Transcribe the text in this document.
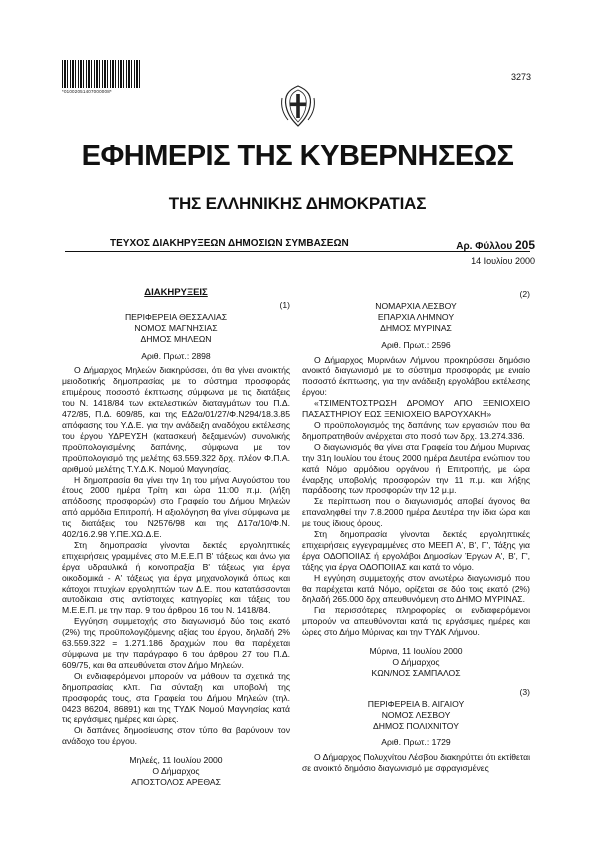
*01002051407000008*
3273
ΕΦΗΜΕΡΙΣ ΤΗΣ ΚΥΒΕΡΝΗΣΕΩΣ
ΤΗΣ ΕΛΛΗΝΙΚΗΣ ΔΗΜΟΚΡΑΤΙΑΣ
ΤΕΥΧΟΣ ΔΙΑΚΗΡΥΞΕΩΝ ΔΗΜΟΣΙΩΝ ΣΥΜΒΑΣΕΩΝ	Αρ. Φύλλου 205
14 Ιουλίου 2000
ΔΙΑΚΗΡΥΞΕΙΣ
(1)
ΠΕΡΙΦΕΡΕΙΑ ΘΕΣΣΑΛΙΑΣ
ΝΟΜΟΣ ΜΑΓΝΗΣΙΑΣ
ΔΗΜΟΣ ΜΗΛΕΩΝ
Αριθ. Πρωτ.: 2898
Ο Δήμαρχος Μηλεών διακηρύσσει, ότι θα γίνει ανοικτής μειοδοτικής δημοπρασίας με το σύστημα προσφοράς επιμέρους ποσοστό έκπτωσης σύμφωνα με τις διατάξεις του Ν. 1418/84 των εκτελεστικών διαταγμάτων του Π.Δ. 472/85, Π.Δ. 609/85, και της ΕΔ2α/01/27/Φ.Ν294/18.3.85 απόφασης του Υ.Δ.Ε. για την ανάδειξη αναδόχου εκτέλεσης του έργου ΥΔΡΕΥΣΗ (κατασκευή δεξαμενών) συνολικής προϋπολογισμένης δαπάνης, σύμφωνα με τον προϋπολογισμό της μελέτης 63.559.322 δρχ. πλέον Φ.Π.Α. αριθμού μελέτης Τ.Υ.Δ.Κ. Νομού Μαγνησίας.
Η δημοπρασία θα γίνει την 1η του μήνα Αυγούστου του έτους 2000 ημέρα Τρίτη και ώρα 11:00 π.μ. (λήξη απόδοσης προσφορών) στο Γραφείο του Δήμου Μηλεών από αρμόδια Επιτροπή. Η αξιολόγηση θα γίνει σύμφωνα με τις διατάξεις του Ν2576/98 και της Δ17α/10/Φ.Ν. 402/16.2.98 Υ.ΠΕ.ΧΩ.Δ.Ε.
Στη δημοπρασία γίνονται δεκτές εργοληπτικές επιχειρήσεις γραμμένες στο Μ.Ε.Ε.Π Β' τάξεως και άνω για έργα υδραυλικά ή κοινοπραξία Β' τάξεως για έργα οικοδομικά - Α' τάξεως για έργα μηχανολογικά όπως και κάτοχοι πτυχίων εργοληπτών των Δ.Ε. που κατατάσσονται αυτοδίκαια στις αντίστοιχες κατηγορίες και τάξεις του Μ.Ε.Ε.Π. με την παρ. 9 του άρθρου 16 του Ν. 1418/84.
Εγγύηση συμμετοχής στο διαγωνισμό δύο τοις εκατό (2%) της προϋπολογιζόμενης αξίας του έργου, δηλαδή 2% 63.559.322 = 1.271.186 δραχμών που θα παρέχεται σύμφωνα με την παράγραφο 6 του άρθρου 27 του Π.Δ. 609/75, και θα απευθύνεται στον Δήμο Μηλεών.
Οι ενδιαφερόμενοι μπορούν να μάθουν τα σχετικά της δημοπρασίας κλπ. Για σύνταξη και υποβολή της προσφοράς τους, στα Γραφεία του Δήμου Μηλεών (τηλ. 0423 86204, 86891) και της ΤΥΔΚ Νομού Μαγνησίας κατά τις εργάσιμες ημέρες και ώρες.
Οι δαπάνες δημοσίευσης στον τύπο θα βαρύνουν τον ανάδοχο του έργου.
Μηλεές, 11 Ιουλίου 2000
Ο Δήμαρχος
ΑΠΟΣΤΟΛΟΣ ΑΡΕΘΑΣ
(2)
ΝΟΜΑΡΧΙΑ ΛΕΣΒΟΥ
ΕΠΑΡΧΙΑ ΛΗΜΝΟΥ
ΔΗΜΟΣ ΜΥΡΙΝΑΣ
Αριθ. Πρωτ.: 2596
Ο Δήμαρχος Μυρινάων Λήμνου προκηρύσσει δημόσιο ανοικτό διαγωνισμό με το σύστημα προσφοράς με ενιαίο ποσοστό έκπτωσης, για την ανάδειξη εργολάβου εκτέλεσης έργου:
«ΤΣΙΜΕΝΤΟΣΤΡΩΣΗ ΔΡΟΜΟΥ ΑΠΟ ΞΕΝΙΟΧΕΙΟ ΠΑΣΑΣΤΗΡΙΟΥ ΕΩΣ ΞΕΝΙΟΧΕΙΟ ΒΑΡΟΥΧΑΚΗ»
Ο προϋπολογισμός της δαπάνης των εργασιών που θα δημοπρατηθούν ανέρχεται στο ποσό των δρχ. 13.274.336.
Ο διαγωνισμός θα γίνει στα Γραφεία του Δήμου Μυρινας την 31η Ιουλίου του έτους 2000 ημέρα Δευτέρα ενώπιον του κατά Νόμο αρμόδιου οργάνου ή Επιτροπής, με ώρα έναρξης υποβολής προσφορών την 11 π.μ. και λήξης παράδοσης των προσφορών την 12 μ.μ.
Σε περίπτωση που ο διαγωνισμός αποβεί άγονος θα επαναληφθεί την 7.8.2000 ημέρα Δευτέρα την ίδια ώρα και με τους ίδιους όρους.
Στη δημοπρασία γίνονται δεκτές εργοληπτικές επιχειρήσεις εγγεγραμμένες στο ΜΕΕΠ Α', Β', Γ', Τάξης για έργα ΟΔΟΠΟΙΙΑΣ ή εργολάβοι Δημοσίων Έργων Α', Β', Γ', τάξης για έργα ΟΔΟΠΟΙΙΑΣ και κατά το νόμο.
Η εγγύηση συμμετοχής στον ανωτέρω διαγωνισμό που θα παρέχεται κατά Νόμο, ορίζεται σε δύο τοις εκατό (2%) δηλαδή 265.000 δρχ απευθυνόμενη στο ΔΗΜΟ ΜΥΡΙΝΑΣ.
Για περισσότερες πληροφορίες οι ενδιαφερόμενοι μπορούν να απευθύνονται κατά τις εργάσιμες ημέρες και ώρες στο Δήμο Μύρινας και την ΤΥΔΚ Λήμνου.
Μύρινα, 11 Ιουλίου 2000
Ο Δήμαρχος
ΚΩΝ/ΝΟΣ ΣΑΜΠΑΛΟΣ
(3)
ΠΕΡΙΦΕΡΕΙΑ Β. ΑΙΓΑΙΟΥ
ΝΟΜΟΣ ΛΕΣΒΟΥ
ΔΗΜΟΣ ΠΟΛΙΧΝΙΤΟΥ
Αριθ. Πρωτ.: 1729
Ο Δήμαρχος Πολυχνίτου Λέσβου διακηρύττει ότι εκτίθεται σε ανοικτό δημόσιο διαγωνισμό με σφραγισμένες
